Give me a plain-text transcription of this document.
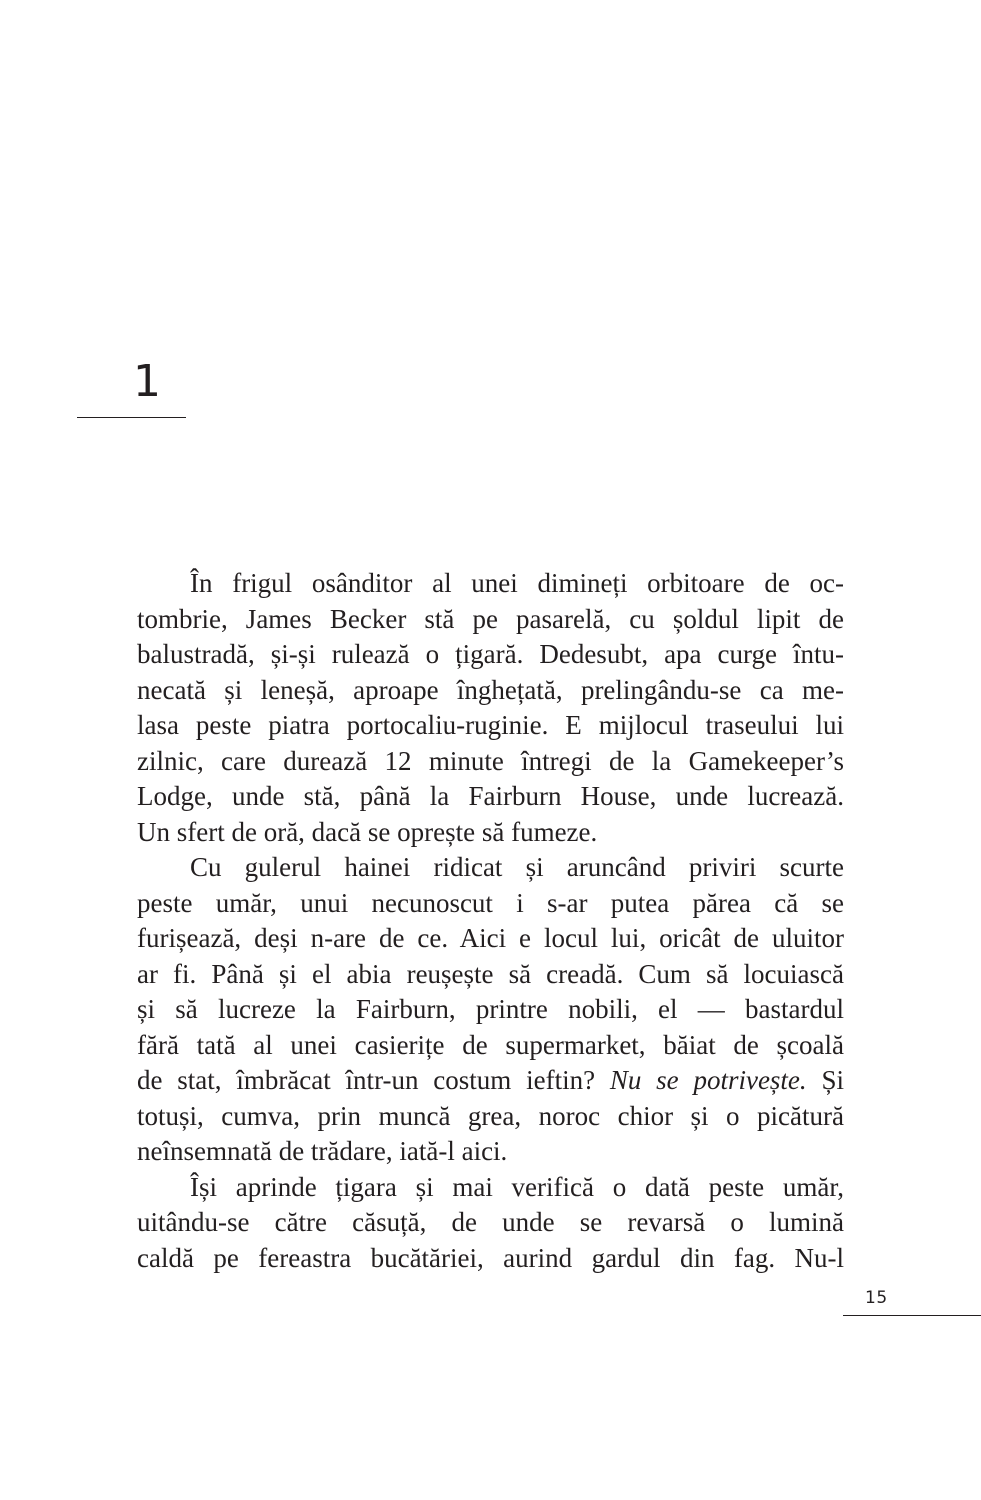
1
În frigul osânditor al unei dimineți orbitoare de oc-
tombrie, James Becker stă pe pasarelă, cu șoldul lipit de
balustradă, și-și rulează o țigară. Dedesubt, apa curge întu-
necată și leneșă, aproape înghețată, prelingându-se ca me-
lasa peste piatra portocaliu-ruginie. E mijlocul traseului lui
zilnic, care durează 12 minute întregi de la Gamekeeper’s
Lodge, unde stă, până la Fairburn House, unde lucrează.
Un sfert de oră, dacă se oprește să fumeze.
Cu gulerul hainei ridicat și aruncând priviri scurte
peste umăr, unui necunoscut i s-ar putea părea că se
furișează, deși n-are de ce. Aici e locul lui, oricât de uluitor
ar fi. Până și el abia reușește să creadă. Cum să locuiască
și să lucreze la Fairburn, printre nobili, el — bastardul
fără tată al unei casierițe de supermarket, băiat de școală
de stat, îmbrăcat într-un costum ieftin? Nu se potrivește. Și
totuși, cumva, prin muncă grea, noroc chior și o picătură
neînsemnată de trădare, iată-l aici.
Își aprinde țigara și mai verifică o dată peste umăr,
uitându-se către căsuță, de unde se revarsă o lumină
caldă pe fereastra bucătăriei, aurind gardul din fag. Nu-l
15
